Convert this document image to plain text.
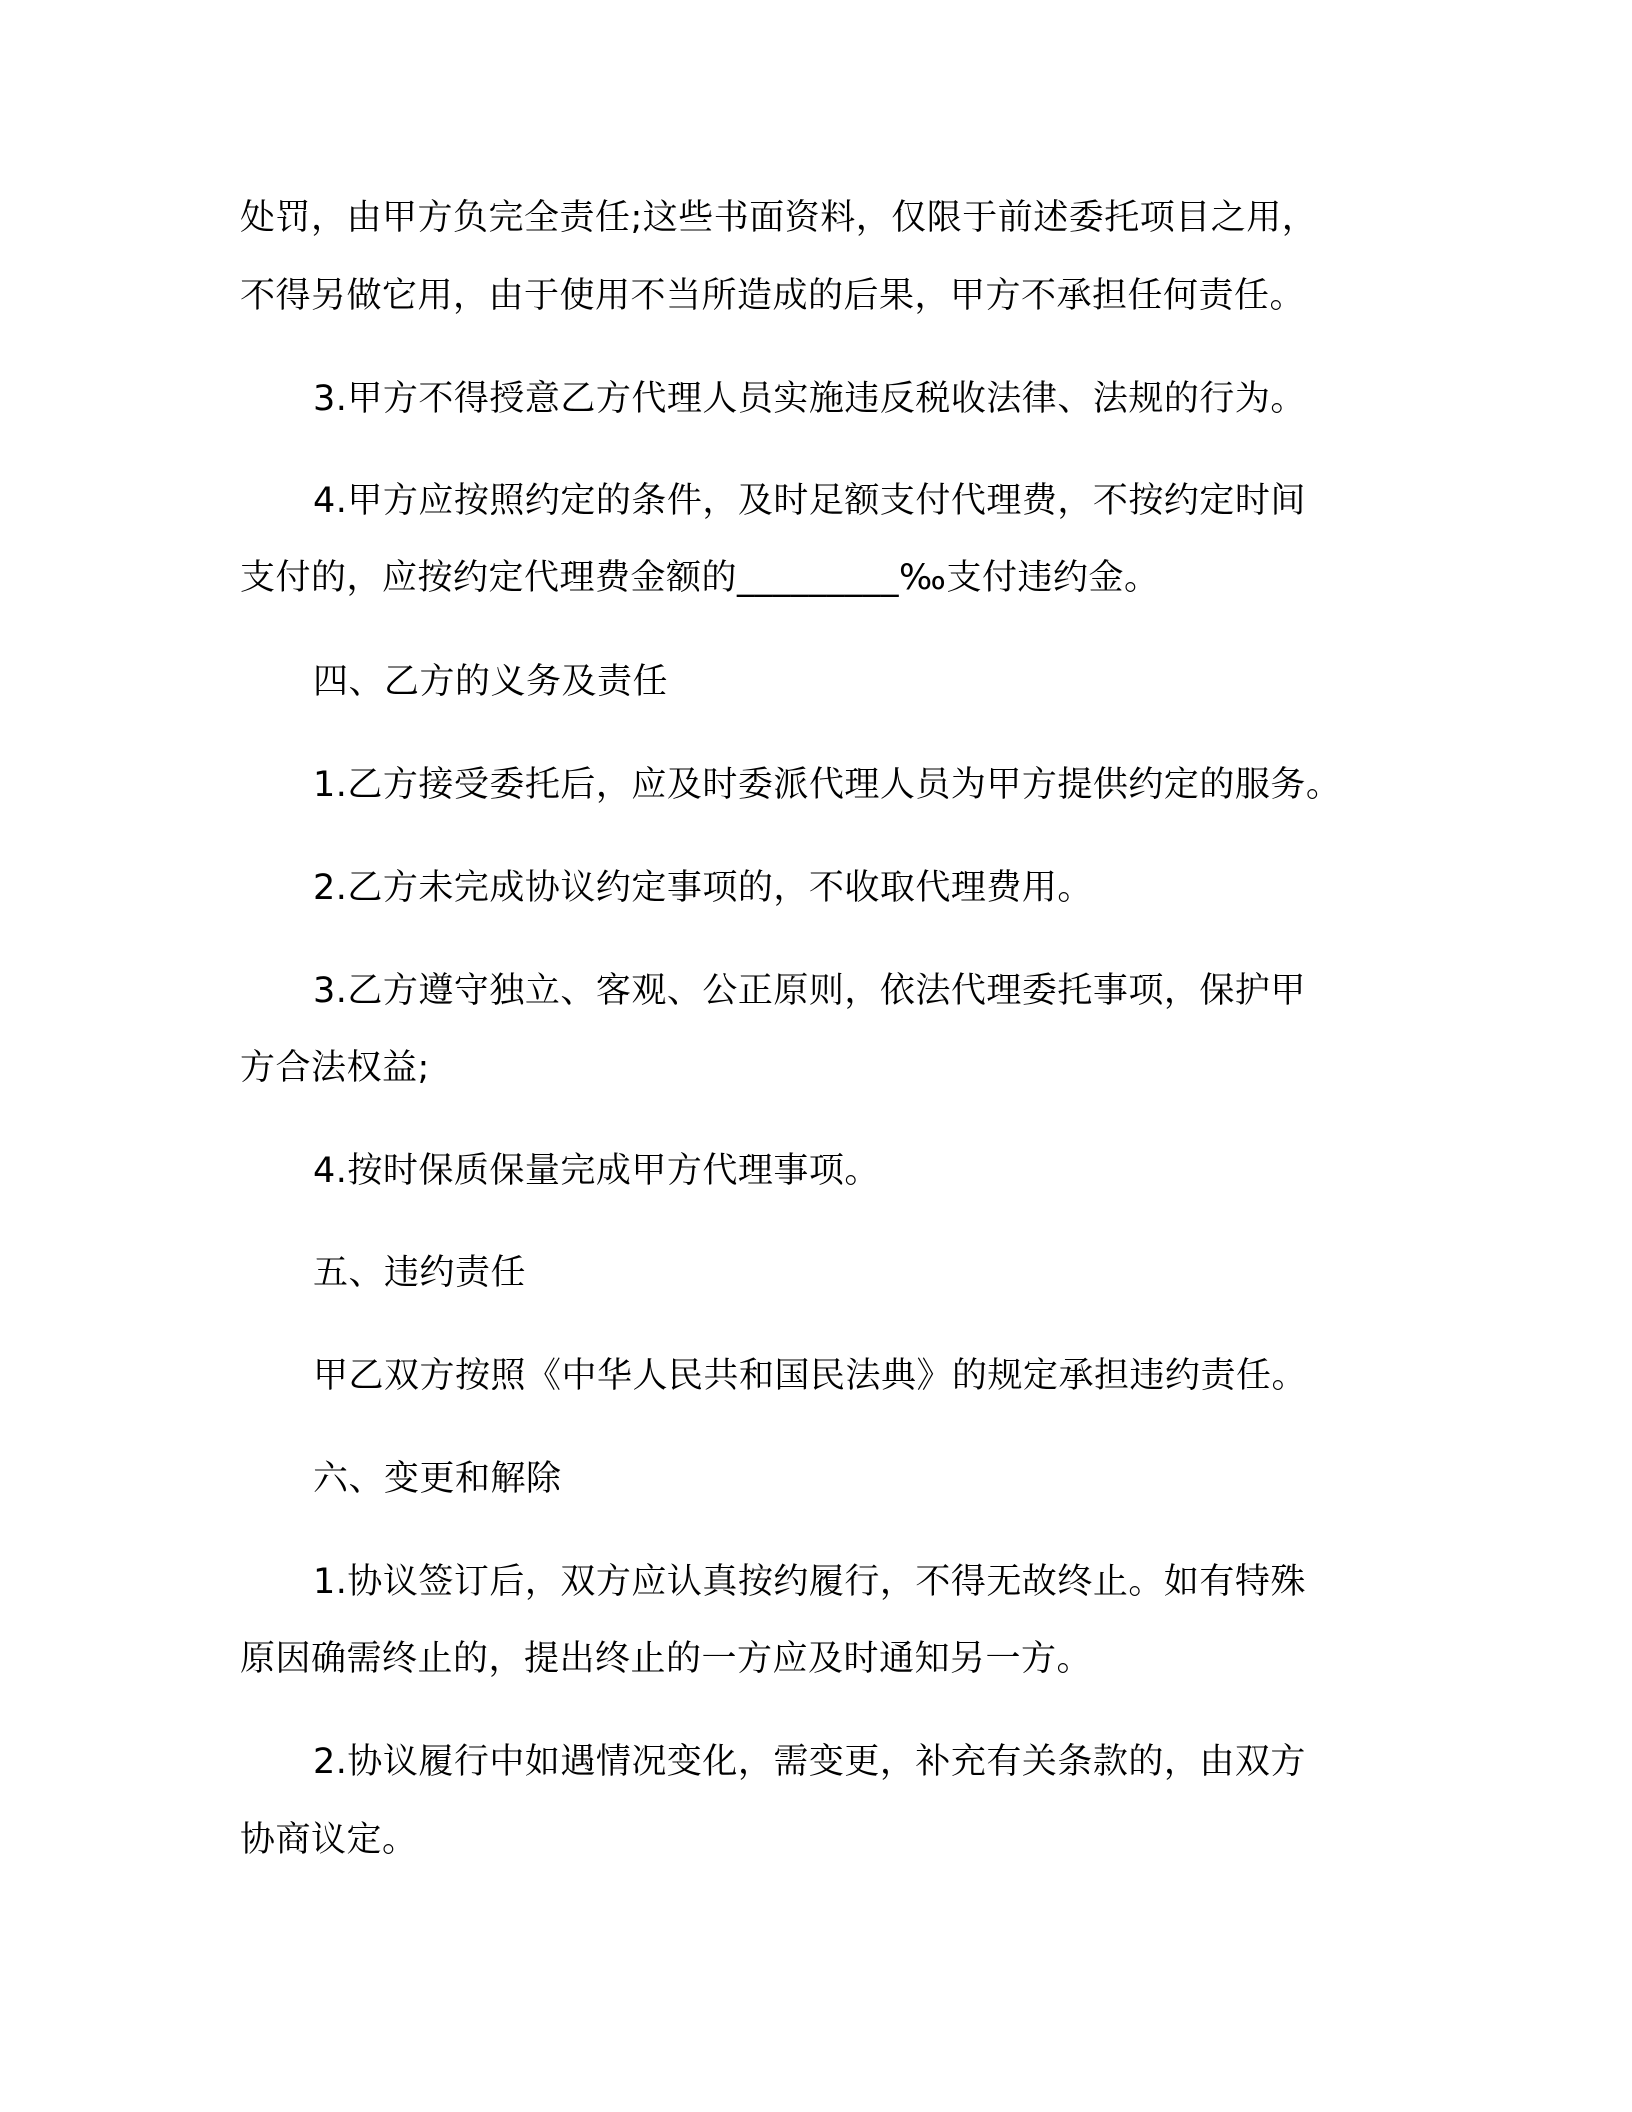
处罚，由甲方负完全责任;这些书面资料，仅限于前述委托项目之用，

不得另做它用，由于使用不当所造成的后果，甲方不承担任何责任。

3.甲方不得授意乙方代理人员实施违反税收法律、法规的行为。

4.甲方应按照约定的条件，及时足额支付代理费，不按约定时间

支付的，应按约定代理费金额的_________‰支付违约金。

四、乙方的义务及责任

1.乙方接受委托后，应及时委派代理人员为甲方提供约定的服务。

2.乙方未完成协议约定事项的，不收取代理费用。

3.乙方遵守独立、客观、公正原则，依法代理委托事项，保护甲

方合法权益;

4.按时保质保量完成甲方代理事项。

五、违约责任

甲乙双方按照《中华人民共和国民法典》的规定承担违约责任。

六、变更和解除

1.协议签订后，双方应认真按约履行，不得无故终止。如有特殊

原因确需终止的，提出终止的一方应及时通知另一方。

2.协议履行中如遇情况变化，需变更，补充有关条款的，由双方

协商议定。
